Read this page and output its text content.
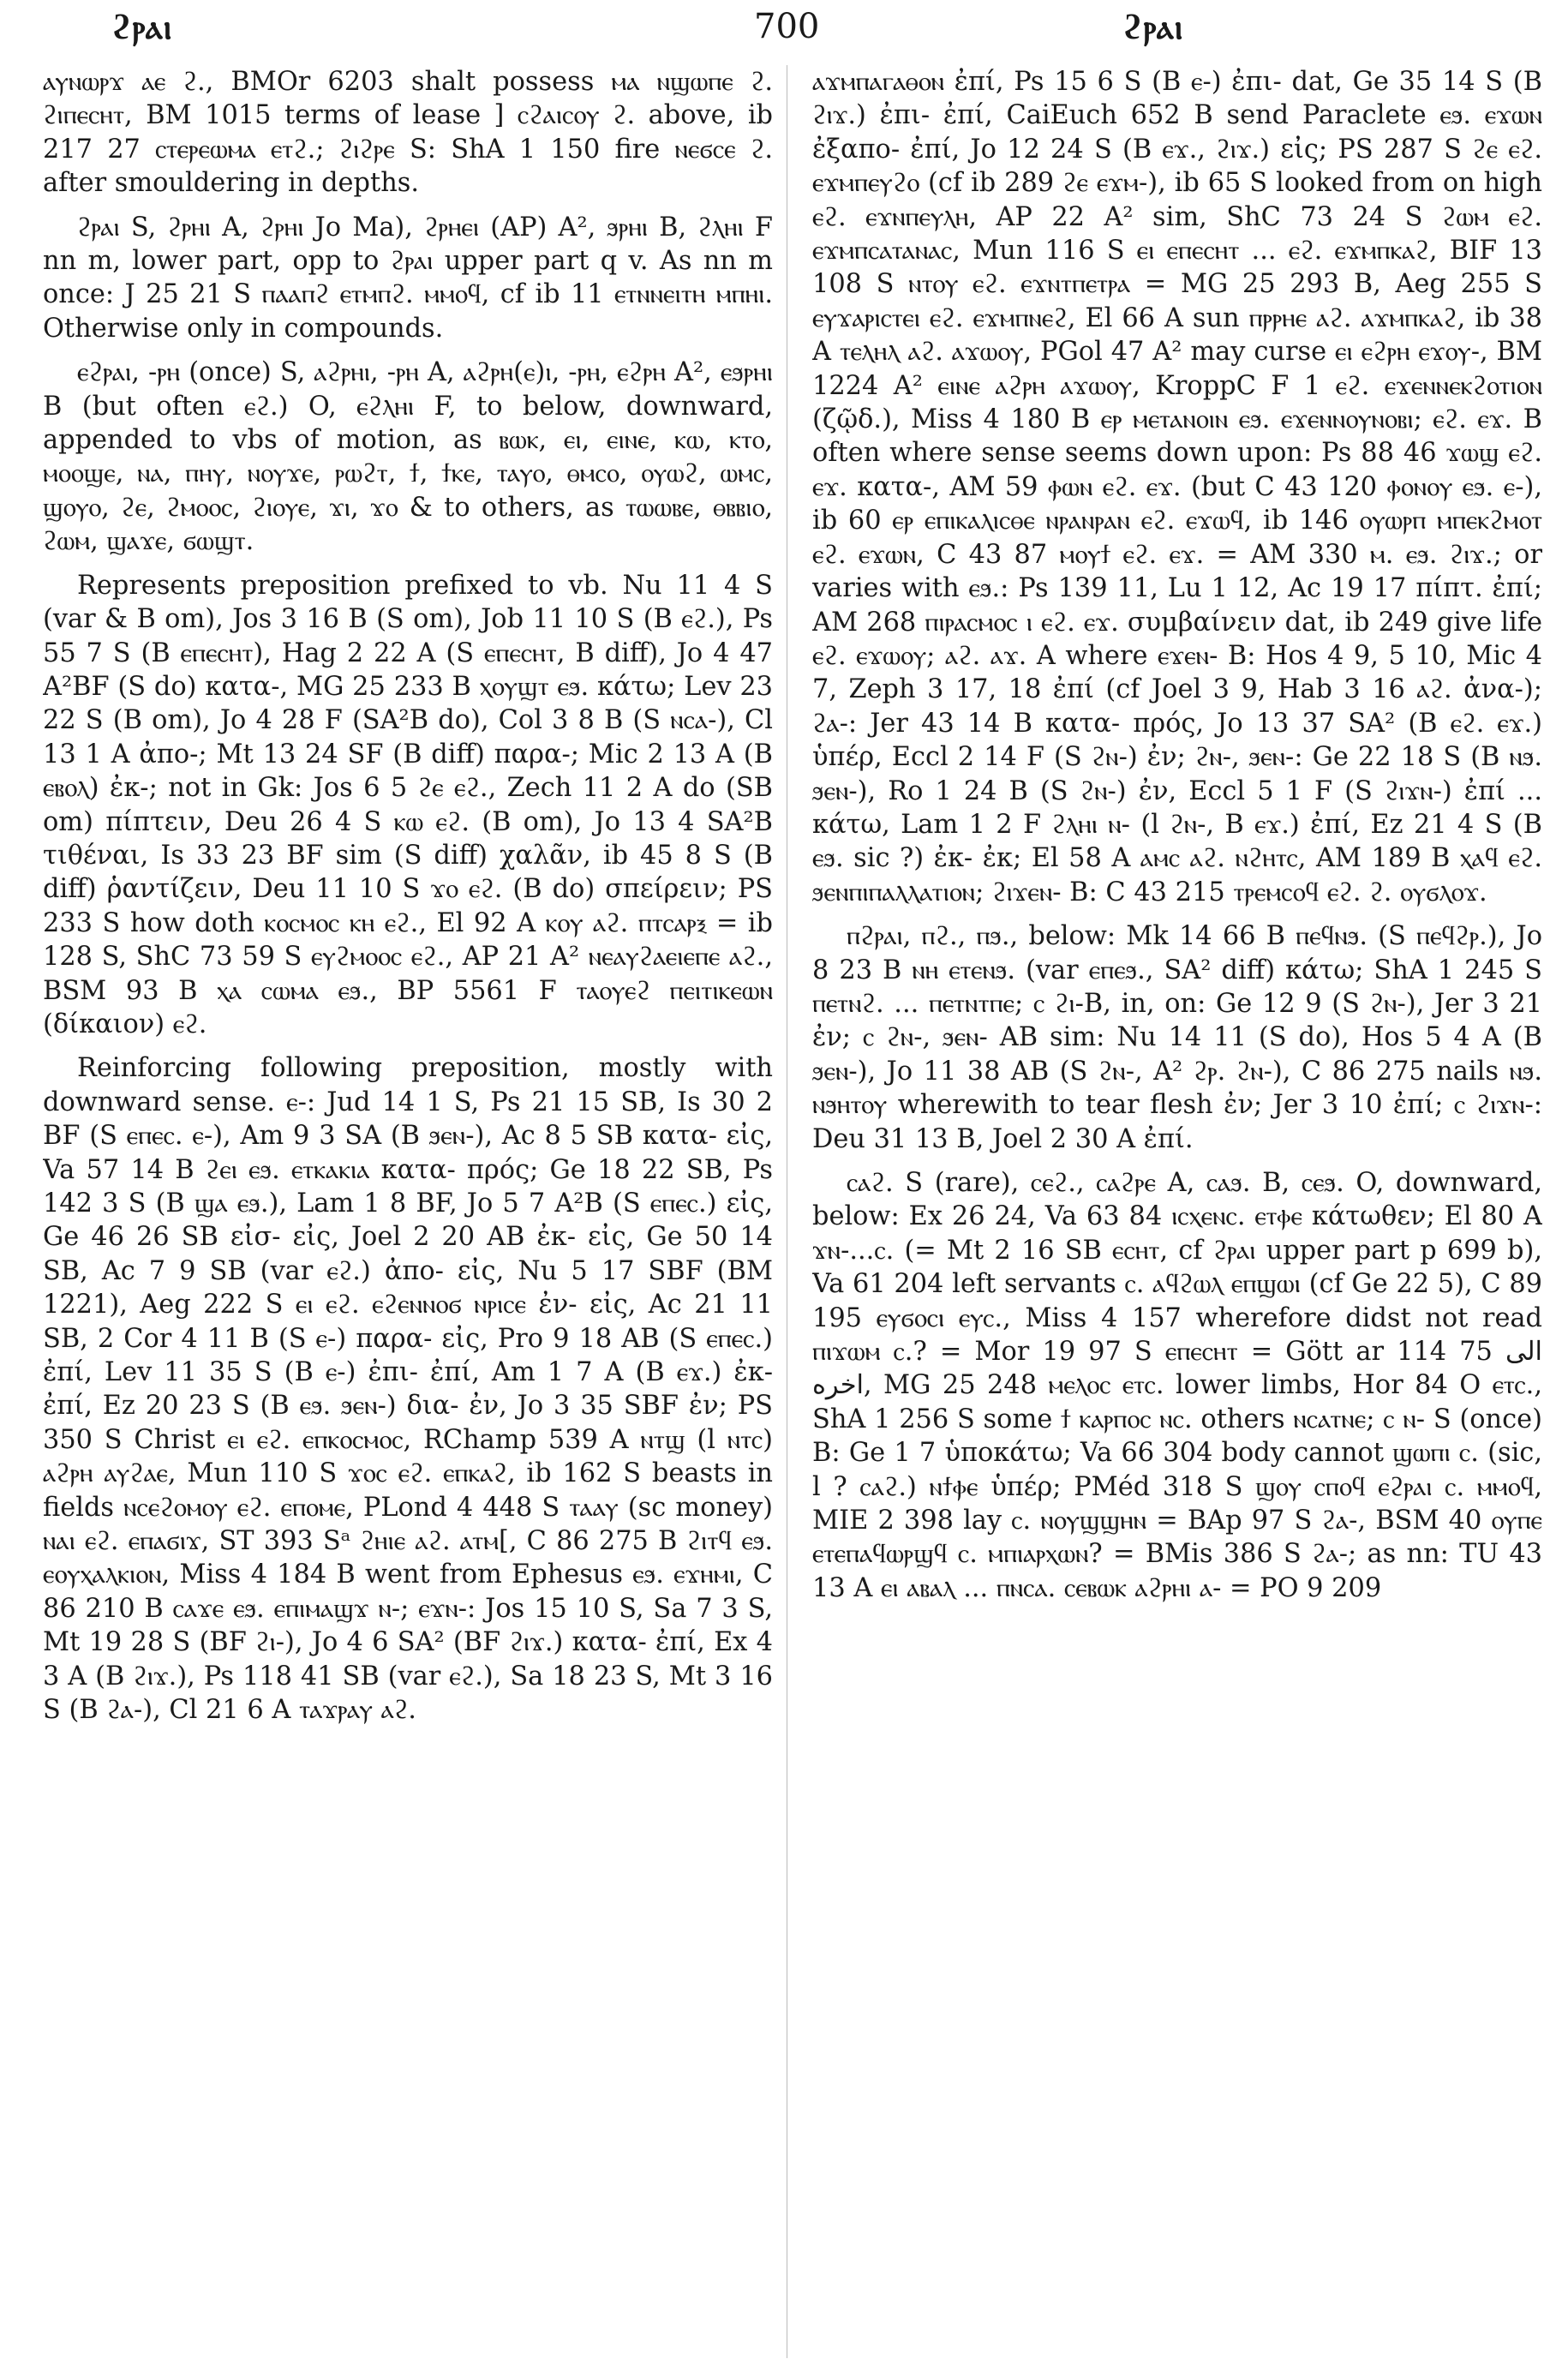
ϩⲣⲁⲓ	700	ϩⲣⲁⲓ

ⲁⲩⲛⲱⲣϫ ⲁⲉ ϩ., BMOr 6203 shalt possess ⲙⲁ ⲛϣⲱⲡⲉ ϩ. ϩⲓⲡⲉⲥⲏⲧ, BM 1015 terms of lease ] ⲥϩⲁⲓⲥⲟⲩ ϩ. above, ib 217 27 ⲥⲧⲉⲣⲉⲱⲙⲁ ⲉⲧϩ.; ϩⲓϩⲣⲉ S: ShA 1 150 fire ⲛⲉϭⲥⲉ ϩ. after smouldering in depths.

ϩⲣⲁⲓ S, ϩⲣⲏⲓ A, ϩⲣⲏⲓ Jo Ma), ϩⲣⲏⲉⲓ (AP) A², ϧⲣⲏⲓ B, ϩⲗⲏⲓ F nn m, lower part, opp to ϩⲣⲁⲓ upper part q v. As nn m once: J 25 21 S ⲡⲁⲁⲡϩ ⲉⲧⲙⲡϩ. ⲙⲙⲟϥ, cf ib 11 ⲉⲧⲛⲛⲉⲓⲧⲏ ⲙⲡⲏⲓ. Otherwise only in compounds.

ⲉϩⲣⲁⲓ, -ⲣⲏ (once) S, ⲁϩⲣⲏⲓ, -ⲣⲏ A, ⲁϩⲣⲏ(ⲉ)ⲓ, -ⲣⲏ, ⲉϩⲣⲏ A², ⲉϧⲣⲏⲓ B (but often ⲉϩ.) O, ⲉϩⲗⲏⲓ F, to below, downward, appended to vbs of motion, as ⲃⲱⲕ, ⲉⲓ, ⲉⲓⲛⲉ, ⲕⲱ, ⲕⲧⲟ, ⲙⲟⲟϣⲉ, ⲛⲁ, ⲡⲏⲩ, ⲛⲟⲩϫⲉ, ⲣⲱϩⲧ, ϯ, ϯⲕⲉ, ⲧⲁⲩⲟ, ⲑⲙⲥⲟ, ⲟⲩⲱϩ, ⲱⲙⲥ, ϣⲟⲩⲟ, ϩⲉ, ϩⲙⲟⲟⲥ, ϩⲓⲟⲩⲉ, ϫⲓ, ϫⲟ & to others, as ⲧⲱⲱⲃⲉ, ⲑⲃⲃⲓⲟ, ϩⲱⲙ, ϣⲁϫⲉ, ϭⲱϣⲧ.

Represents preposition prefixed to vb. Nu 11 4 S (var & B om), Jos 3 16 B (S om), Job 11 10 S (B ⲉϩ.), Ps 55 7 S (B ⲉⲡⲉⲥⲏⲧ), Hag 2 22 A (S ⲉⲡⲉⲥⲏⲧ, B diff), Jo 4 47 A²BF (S do) κατα-, MG 25 233 B ⲭⲟⲩϣⲧ ⲉϧ. κάτω; Lev 23 22 S (B om), Jo 4 28 F (SA²B do), Col 3 8 B (S ⲛⲥⲁ-), Cl 13 1 A ἀπο-; Mt 13 24 SF (B diff) παρα-; Mic 2 13 A (B ⲉⲃⲟⲗ) ἐκ-; not in Gk: Jos 6 5 ϩⲉ ⲉϩ., Zech 11 2 A do (SB om) πίπτειν, Deu 26 4 S ⲕⲱ ⲉϩ. (B om), Jo 13 4 SA²B τιθέναι, Is 33 23 BF sim (S diff) χαλᾶν, ib 45 8 S (B diff) ῥαντίζειν, Deu 11 10 S ϫⲟ ⲉϩ. (B do) σπείρειν; PS 233 S how doth ⲕⲟⲥⲙⲟⲥ ⲕⲏ ⲉϩ., El 92 A ⲕⲟⲩ ⲁϩ. ⲡⲧⲥⲁⲣⲝ = ib 128 S, ShC 73 59 S ⲉⲩϩⲙⲟⲟⲥ ⲉϩ., AP 21 A² ⲛⲉⲁⲩϩⲁⲉⲓⲉⲡⲉ ⲁϩ., BSM 93 B ⲭⲁ ⲥⲱⲙⲁ ⲉϧ., BP 5561 F ⲧⲁⲟⲩⲉϩ ⲡⲉⲓⲧⲓⲕⲉⲱⲛ (δίκαιον) ⲉϩ.

Reinforcing following preposition, mostly with downward sense. ⲉ-: Jud 14 1 S, Ps 21 15 SB, Is 30 2 BF (S ⲉⲡⲉⲥ. ⲉ-), Am 9 3 SA (B ϧⲉⲛ-), Ac 8 5 SB κατα- εἰς, Va 57 14 B ϩⲉⲓ ⲉϧ. ⲉⲧⲕⲁⲕⲓⲁ κατα- πρός; Ge 18 22 SB, Ps 142 3 S (B ϣⲁ ⲉϧ.), Lam 1 8 BF, Jo 5 7 A²B (S ⲉⲡⲉⲥ.) εἰς, Ge 46 26 SB εἰσ- εἰς, Joel 2 20 AB ἐκ- εἰς, Ge 50 14 SB, Ac 7 9 SB (var ⲉϩ.) ἀπο- εἰς, Nu 5 17 SBF (BM 1221), Aeg 222 S ⲉⲓ ⲉϩ. ⲉϩⲉⲛⲛⲟϭ ⲛⲣⲓⲥⲉ ἐν- εἰς, Ac 21 11 SB, 2 Cor 4 11 B (S ⲉ-) παρα- εἰς, Pro 9 18 AB (S ⲉⲡⲉⲥ.) ἐπί, Lev 11 35 S (B ⲉ-) ἐπι- ἐπί, Am 1 7 A (B ⲉϫ.) ἐκ- ἐπί, Ez 20 23 S (B ⲉϧ. ϧⲉⲛ-) δια- ἐν, Jo 3 35 SBF ἐν; PS 350 S Christ ⲉⲓ ⲉϩ. ⲉⲡⲕⲟⲥⲙⲟⲥ, RChamp 539 A ⲛⲧϣ (l ⲛⲧⲥ) ⲁϩⲣⲏ ⲁⲩϩⲁⲉ, Mun 110 S ϫⲟⲥ ⲉϩ. ⲉⲡⲕⲁϩ, ib 162 S beasts in fields ⲛⲥⲉϩⲟⲙⲟⲩ ⲉϩ. ⲉⲡⲟⲙⲉ, PLond 4 448 S ⲧⲁⲁⲩ (sc money) ⲛⲁⲓ ⲉϩ. ⲉⲡⲁϭⲓϫ, ST 393 Sᵃ ϩⲏⲓⲉ ⲁϩ. ⲁⲧⲙ[, C 86 275 B ϩⲓⲧϥ ⲉϧ. ⲉⲟⲩⲭⲁⲗⲕⲓⲟⲛ, Miss 4 184 B went from Ephesus ⲉϧ. ⲉϫⲏⲙⲓ, C 86 210 B ⲥⲁϫⲉ ⲉϧ. ⲉⲡⲓⲙⲁϣϫ ⲛ-; ⲉϫⲛ-: Jos 15 10 S, Sa 7 3 S, Mt 19 28 S (BF ϩⲓ-), Jo 4 6 SA² (BF ϩⲓϫ.) κατα- ἐπί, Ex 4 3 A (B ϩⲓϫ.), Ps 118 41 SB (var ⲉϩ.), Sa 18 23 S, Mt 3 16 S (B ϩⲁ-), Cl 21 6 A ⲧⲁϫⲣⲁⲩ ⲁϩ.

ⲁϫⲙⲡⲁⲅⲁⲑⲟⲛ ἐπί, Ps 15 6 S (B ⲉ-) ἐπι- dat, Ge 35 14 S (B ϩⲓϫ.) ἐπι- ἐπί, CaiEuch 652 B send Paraclete ⲉϧ. ⲉϫⲱⲛ ἐξαπο- ἐπί, Jo 12 24 S (B ⲉϫ., ϩⲓϫ.) εἰς; PS 287 S ϩⲉ ⲉϩ. ⲉϫⲙⲡⲉⲩϩⲟ (cf ib 289 ϩⲉ ⲉϫⲙ-), ib 65 S looked from on high ⲉϩ. ⲉϫⲛⲡⲉⲩⲗⲏ, AP 22 A² sim, ShC 73 24 S ϩⲱⲙ ⲉϩ. ⲉϫⲙⲡⲥⲁⲧⲁⲛⲁⲥ, Mun 116 S ⲉⲓ ⲉⲡⲉⲥⲏⲧ ... ⲉϩ. ⲉϫⲙⲡⲕⲁϩ, BIF 13 108 S ⲛⲧⲟⲩ ⲉϩ. ⲉϫⲛⲧⲡⲉⲧⲣⲁ = MG 25 293 B, Aeg 255 S ⲉⲩϫⲁⲣⲓⲥⲧⲉⲓ ⲉϩ. ⲉϫⲙⲡⲛⲉϩ, El 66 A sun ⲡⲣⲣⲏⲉ ⲁϩ. ⲁϫⲙⲡⲕⲁϩ, ib 38 A ⲧⲉⲗⲏⲗ ⲁϩ. ⲁϫⲱⲟⲩ, PGol 47 A² may curse ⲉⲓ ⲉϩⲣⲏ ⲉϫⲟⲩ-, BM 1224 A² ⲉⲓⲛⲉ ⲁϩⲣⲏ ⲁϫⲱⲟⲩ, KroppC F 1 ⲉϩ. ⲉϫⲉⲛⲛⲉⲕϩⲟⲧⲓⲟⲛ (ζῷδ.), Miss 4 180 B ⲉⲣ ⲙⲉⲧⲁⲛⲟⲓⲛ ⲉϧ. ⲉϫⲉⲛⲛⲟⲩⲛⲟⲃⲓ; ⲉϩ. ⲉϫ. B often where sense seems down upon: Ps 88 46 ϫⲱϣ ⲉϩ. ⲉϫ. κατα-, AM 59 ⲫⲱⲛ ⲉϩ. ⲉϫ. (but C 43 120 ⲫⲟⲛⲟⲩ ⲉϧ. ⲉ-), ib 60 ⲉⲣ ⲉⲡⲓⲕⲁⲗⲓⲥⲑⲉ ⲛⲣⲁⲛⲣⲁⲛ ⲉϩ. ⲉϫⲱϥ, ib 146 ⲟⲩⲱⲣⲡ ⲙⲡⲉⲕϩⲙⲟⲧ ⲉϩ. ⲉϫⲱⲛ, C 43 87 ⲙⲟⲩϯ ⲉϩ. ⲉϫ. = AM 330 ⲙ. ⲉϧ. ϩⲓϫ.; or varies with ⲉϧ.: Ps 139 11, Lu 1 12, Ac 19 17 πίπτ. ἐπί; AM 268 ⲡⲓⲣⲁⲥⲙⲟⲥ ⲓ ⲉϩ. ⲉϫ. συμβαίνειν dat, ib 249 give life ⲉϩ. ⲉϫⲱⲟⲩ; ⲁϩ. ⲁϫ. A where ⲉϫⲉⲛ- B: Hos 4 9, 5 10, Mic 4 7, Zeph 3 17, 18 ἐπί (cf Joel 3 9, Hab 3 16 ⲁϩ. ἀνα-); ϩⲁ-: Jer 43 14 B κατα- πρός, Jo 13 37 SA² (B ⲉϩ. ⲉϫ.) ὑπέρ, Eccl 2 14 F (S ϩⲛ-) ἐν; ϩⲛ-, ϧⲉⲛ-: Ge 22 18 S (B ⲛϧ. ϧⲉⲛ-), Ro 1 24 B (S ϩⲛ-) ἐν, Eccl 5 1 F (S ϩⲓϫⲛ-) ἐπί ... κάτω, Lam 1 2 F ϩⲗⲏⲓ ⲛ- (l ϩⲛ-, B ⲉϫ.) ἐπί, Ez 21 4 S (B ⲉϧ. sic ?) ἐκ- ἐκ; El 58 A ⲁⲙⲥ ⲁϩ. ⲛϩⲏⲧⲥ, AM 189 B ⲭⲁϥ ⲉϩ. ϧⲉⲛⲡⲓⲡⲁⲗⲗⲁⲧⲓⲟⲛ; ϩⲓϫⲉⲛ- B: C 43 215 ⲧⲣⲉⲙⲥⲟϥ ⲉϩ. ϩ. ⲟⲩϭⲗⲟϫ.

ⲡϩⲣⲁⲓ, ⲡϩ., ⲡϧ., below: Mk 14 66 B ⲡⲉϥⲛϧ. (S ⲡⲉϥϩⲣ.), Jo 8 23 B ⲛⲏ ⲉⲧⲉⲛϧ. (var ⲉⲡⲉϧ., SA² diff) κάτω; ShA 1 245 S ⲡⲉⲧⲛϩ. ... ⲡⲉⲧⲛⲧⲡⲉ; ⲥ ϩⲓ-B, in, on: Ge 12 9 (S ϩⲛ-), Jer 3 21 ἐν; ⲥ ϩⲛ-, ϧⲉⲛ- AB sim: Nu 14 11 (S do), Hos 5 4 A (B ϧⲉⲛ-), Jo 11 38 AB (S ϩⲛ-, A² ϩⲣ. ϩⲛ-), C 86 275 nails ⲛϧ. ⲛϧⲏⲧⲟⲩ wherewith to tear flesh ἐν; Jer 3 10 ἐπί; ⲥ ϩⲓϫⲛ-: Deu 31 13 B, Joel 2 30 A ἐπί.

ⲥⲁϩ. S (rare), ⲥⲉϩ., ⲥⲁϩⲣⲉ A, ⲥⲁϧ. B, ⲥⲉϧ. O, downward, below: Ex 26 24, Va 63 84 ⲓⲥⲭⲉⲛⲥ. ⲉⲧⲫⲉ κάτωθεν; El 80 A ϫⲛ-...ⲥ. (= Mt 2 16 SB ⲉⲥⲏⲧ, cf ϩⲣⲁⲓ upper part p 699 b), Va 61 204 left servants ⲥ. ⲁϥϩⲱⲗ ⲉⲡϣⲱⲓ (cf Ge 22 5), C 89 195 ⲉⲩϭⲟⲥⲓ ⲉⲩⲥ., Miss 4 157 wherefore didst not read ⲡⲓϫⲱⲙ ⲥ.? = Mor 19 97 S ⲉⲡⲉⲥⲏⲧ = Gött ar 114 75 الى اخره, MG 25 248 ⲙⲉⲗⲟⲥ ⲉⲧⲥ. lower limbs, Hor 84 O ⲉⲧⲥ., ShA 1 256 S some ϯ ⲕⲁⲣⲡⲟⲥ ⲛⲥ. others ⲛⲥⲁⲧⲛⲉ; ⲥ ⲛ- S (once) B: Ge 1 7 ὑποκάτω; Va 66 304 body cannot ϣⲱⲡⲓ ⲥ. (sic, l ? ⲥⲁϩ.) ⲛϯⲫⲉ ὑπέρ; PMéd 318 S ϣⲟⲩ ⲥⲡⲟϥ ⲉϩⲣⲁⲓ ⲥ. ⲙⲙⲟϥ, MIE 2 398 lay ⲥ. ⲛⲟⲩϣϣⲏⲛ = BAp 97 S ϩⲁ-, BSM 40 ⲟⲩⲡⲉ ⲉⲧⲉⲡⲁϥⲱⲣϣϥ ⲥ. ⲙⲡⲓⲁⲣⲭⲱⲛ? = BMis 386 S ϩⲁ-; as nn: TU 43 13 A ⲉⲓ ⲁⲃⲁⲗ ... ⲡⲛⲥⲁ. ⲥⲉⲃⲱⲕ ⲁϩⲣⲏⲓ ⲁ- = PO 9 209
